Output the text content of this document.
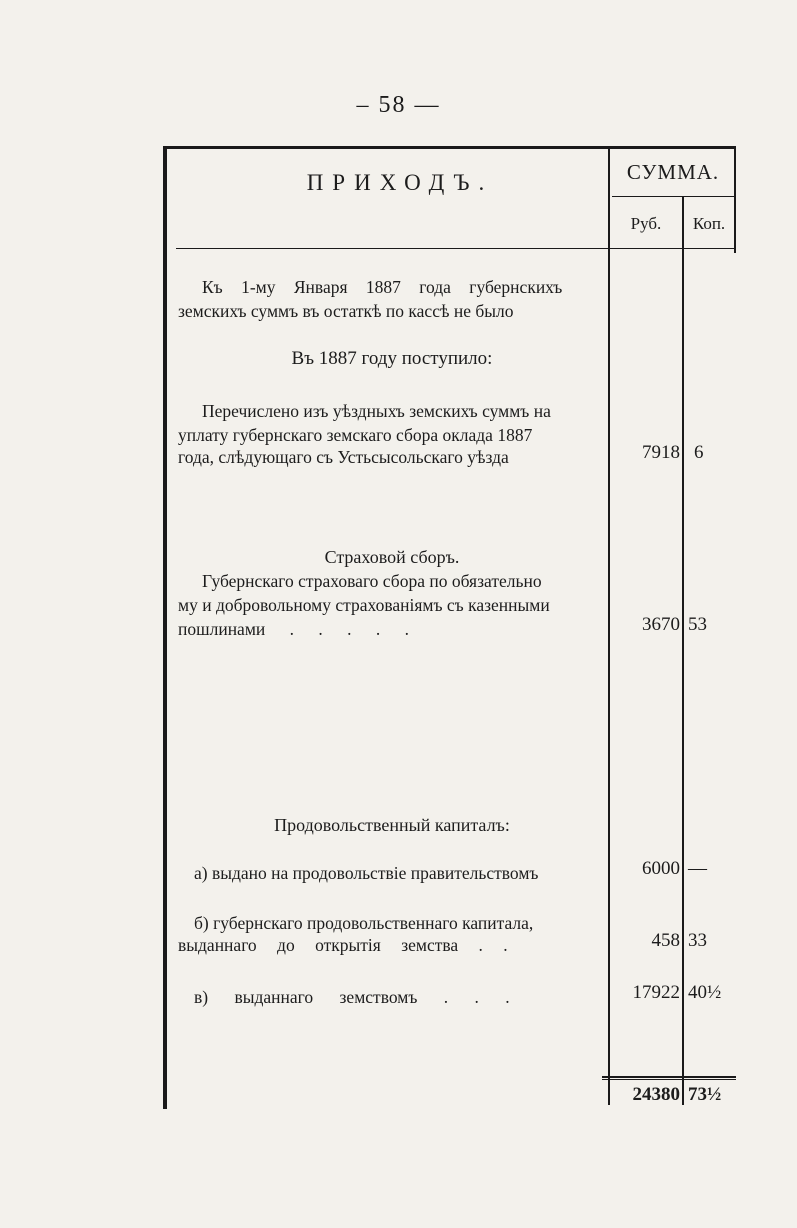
– 58 —
ПРИХОДЪ.	СУММА.
Руб.	Коп.
Къ 1-му Января 1887 года губернскихъ
земскихъ суммъ въ остаткѣ по кассѣ не было
Въ 1887 году поступило:
Перечислено изъ уѣздныхъ земскихъ суммъ на
уплату губернскаго земскаго сбора оклада 1887
года, слѣдующаго съ Устьсысольскаго уѣзда	7918 6
Страховой сборъ.
Губернскаго страховаго сбора по обязательно
му и добровольному страхованіямъ съ казенными
пошлинами . . . . .	3670 53
Продовольственный капиталъ:
а) выдано на продовольствіе правительствомъ	6000 —
б) губернскаго продовольственнаго капитала,
выданнаго до открытія земства . .	458 33
в) выданнаго земствомъ . . .	17922 40½
24380 73½
